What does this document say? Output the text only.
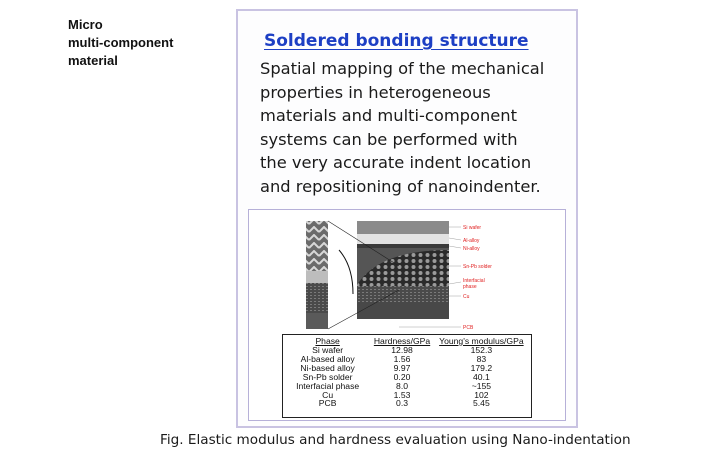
Micro
multi-component
material
Soldered bonding structure
Spatial mapping of the mechanical
properties in heterogeneous
materials and multi-component
systems can be performed with
the very accurate indent location
and repositioning of nanoindenter.
Si wafer
Al-alloy
Ni-alloy
Sn-Pb solder
Interfacial
phase
Cu
PCB
Phase	Hardness/GPa	Young's modulus/GPa
Si wafer	12.98	152.3
Al-based alloy	1.56	83
Ni-based alloy	9.97	179.2
Sn-Pb solder	0.20	40.1
Interfacial phase	8.0	~155
Cu	1.53	102
PCB	0.3	5.45
Fig. Elastic modulus and hardness evaluation using Nano-indentation
